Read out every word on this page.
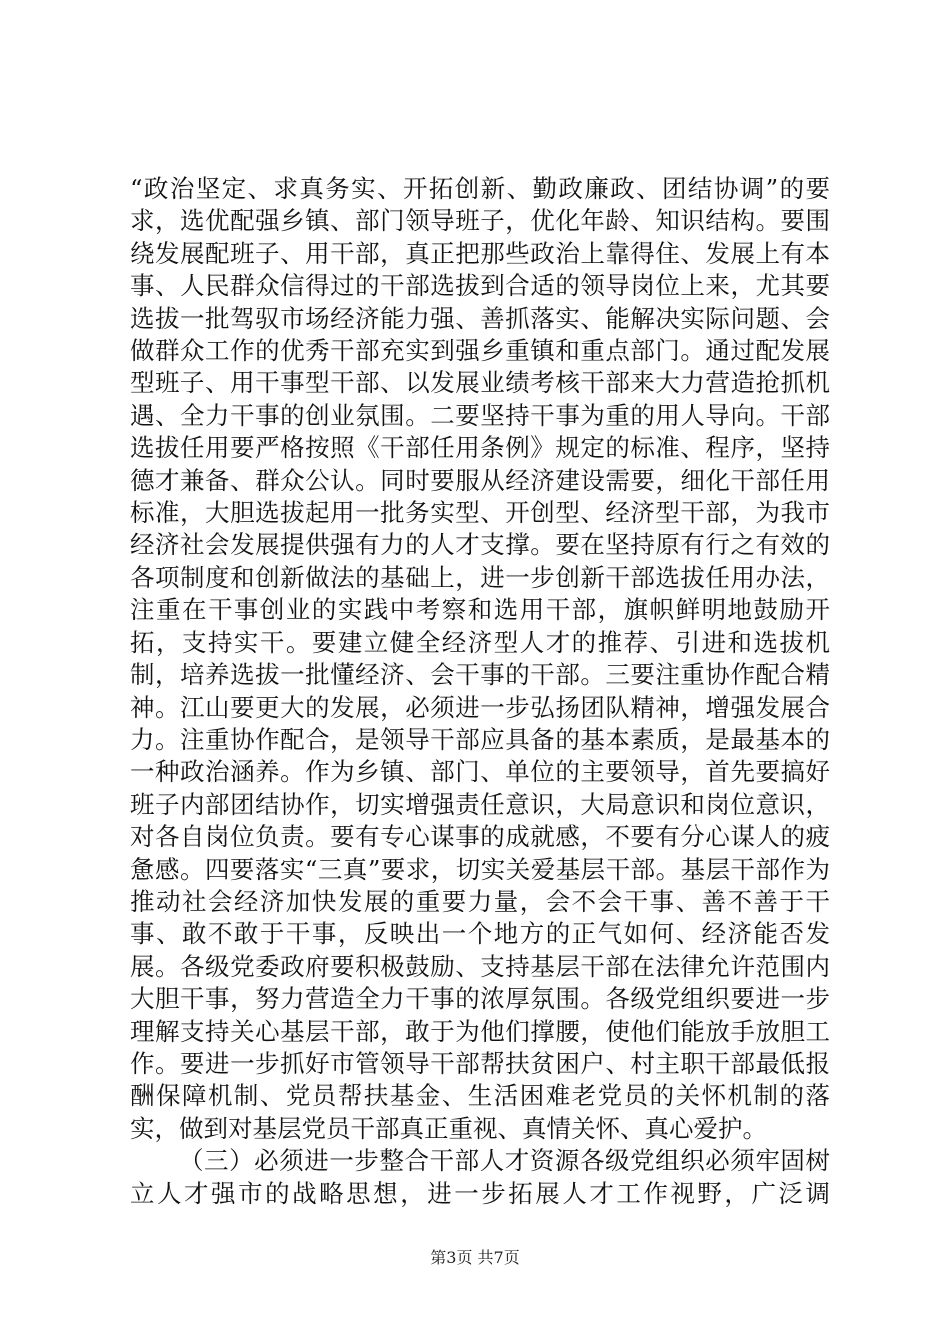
“政治坚定、求真务实、开拓创新、勤政廉政、团结协调”的要求，选优配强乡镇、部门领导班子，优化年龄、知识结构。要围绕发展配班子、用干部，真正把那些政治上靠得住、发展上有本事、人民群众信得过的干部选拔到合适的领导岗位上来，尤其要选拔一批驾驭市场经济能力强、善抓落实、能解决实际问题、会做群众工作的优秀干部充实到强乡重镇和重点部门。通过配发展型班子、用干事型干部、以发展业绩考核干部来大力营造抢抓机遇、全力干事的创业氛围。二要坚持干事为重的用人导向。干部选拔任用要严格按照《干部任用条例》规定的标准、程序，坚持德才兼备、群众公认。同时要服从经济建设需要，细化干部任用标准，大胆选拔起用一批务实型、开创型、经济型干部，为我市经济社会发展提供强有力的人才支撑。要在坚持原有行之有效的各项制度和创新做法的基础上，进一步创新干部选拔任用办法，注重在干事创业的实践中考察和选用干部，旗帜鲜明地鼓励开拓，支持实干。要建立健全经济型人才的推荐、引进和选拔机制，培养选拔一批懂经济、会干事的干部。三要注重协作配合精神。江山要更大的发展，必须进一步弘扬团队精神，增强发展合力。注重协作配合，是领导干部应具备的基本素质，是最基本的一种政治涵养。作为乡镇、部门、单位的主要领导，首先要搞好班子内部团结协作，切实增强责任意识，大局意识和岗位意识，对各自岗位负责。要有专心谋事的成就感，不要有分心谋人的疲惫感。四要落实“三真”要求，切实关爱基层干部。基层干部作为推动社会经济加快发展的重要力量，会不会干事、善不善于干事、敢不敢于干事，反映出一个地方的正气如何、经济能否发展。各级党委政府要积极鼓励、支持基层干部在法律允许范围内大胆干事，努力营造全力干事的浓厚氛围。各级党组织要进一步理解支持关心基层干部，敢于为他们撑腰，使他们能放手放胆工作。要进一步抓好市管领导干部帮扶贫困户、村主职干部最低报酬保障机制、党员帮扶基金、生活困难老党员的关怀机制的落实，做到对基层党员干部真正重视、真情关怀、真心爱护。

（三）必须进一步整合干部人才资源各级党组织必须牢固树立人才强市的战略思想，进一步拓展人才工作视野，广泛调

第3页 共7页
